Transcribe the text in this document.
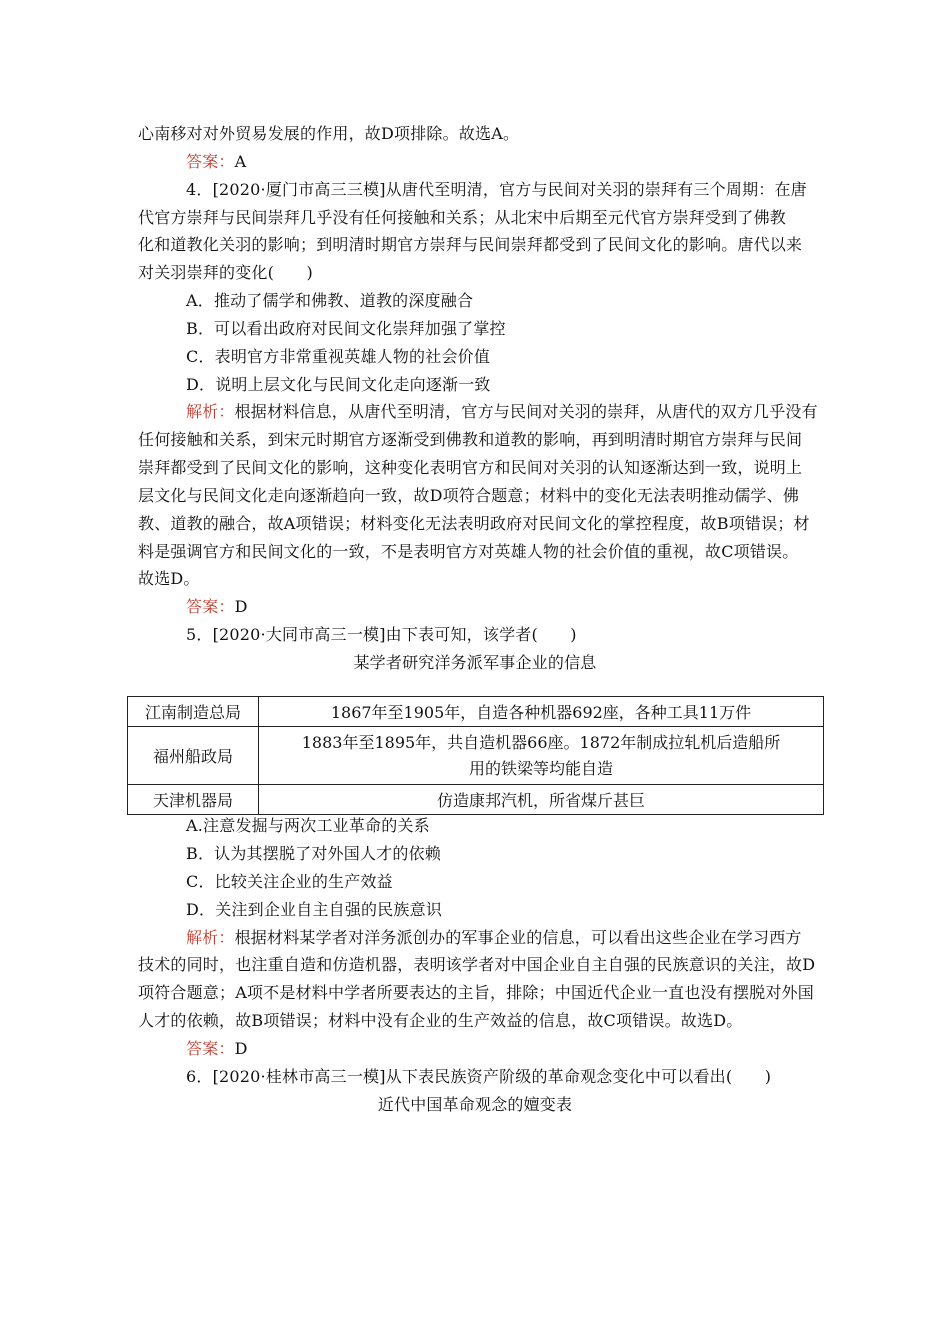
心南移对对外贸易发展的作用，故D项排除。故选A。
答案：A
4．[2020·厦门市高三三模]从唐代至明清，官方与民间对关羽的崇拜有三个周期：在唐
代官方崇拜与民间崇拜几乎没有任何接触和关系；从北宋中后期至元代官方崇拜受到了佛教
化和道教化关羽的影响；到明清时期官方崇拜与民间崇拜都受到了民间文化的影响。唐代以来
对关羽崇拜的变化(　　)
A．推动了儒学和佛教、道教的深度融合
B．可以看出政府对民间文化崇拜加强了掌控
C．表明官方非常重视英雄人物的社会价值
D．说明上层文化与民间文化走向逐渐一致
解析：根据材料信息，从唐代至明清，官方与民间对关羽的崇拜，从唐代的双方几乎没有
任何接触和关系，到宋元时期官方逐渐受到佛教和道教的影响，再到明清时期官方崇拜与民间
崇拜都受到了民间文化的影响，这种变化表明官方和民间对关羽的认知逐渐达到一致，说明上
层文化与民间文化走向逐渐趋向一致，故D项符合题意；材料中的变化无法表明推动儒学、佛
教、道教的融合，故A项错误；材料变化无法表明政府对民间文化的掌控程度，故B项错误；材
料是强调官方和民间文化的一致，不是表明官方对英雄人物的社会价值的重视，故C项错误。
故选D。
答案：D
5．[2020·大同市高三一模]由下表可知，该学者(　　)
某学者研究洋务派军事企业的信息
江南制造总局	1867年至1905年，自造各种机器692座，各种工具11万件
福州船政局	1883年至1895年，共自造机器66座。1872年制成拉轧机后造船所用的铁梁等均能自造
天津机器局	仿造康邦汽机，所省煤斤甚巨
A.注意发掘与两次工业革命的关系
B．认为其摆脱了对外国人才的依赖
C．比较关注企业的生产效益
D．关注到企业自主自强的民族意识
解析：根据材料某学者对洋务派创办的军事企业的信息，可以看出这些企业在学习西方
技术的同时，也注重自造和仿造机器，表明该学者对中国企业自主自强的民族意识的关注，故D
项符合题意；A项不是材料中学者所要表达的主旨，排除；中国近代企业一直也没有摆脱对外国
人才的依赖，故B项错误；材料中没有企业的生产效益的信息，故C项错误。故选D。
答案：D
6．[2020·桂林市高三一模]从下表民族资产阶级的革命观念变化中可以看出(　　)
近代中国革命观念的嬗变表
